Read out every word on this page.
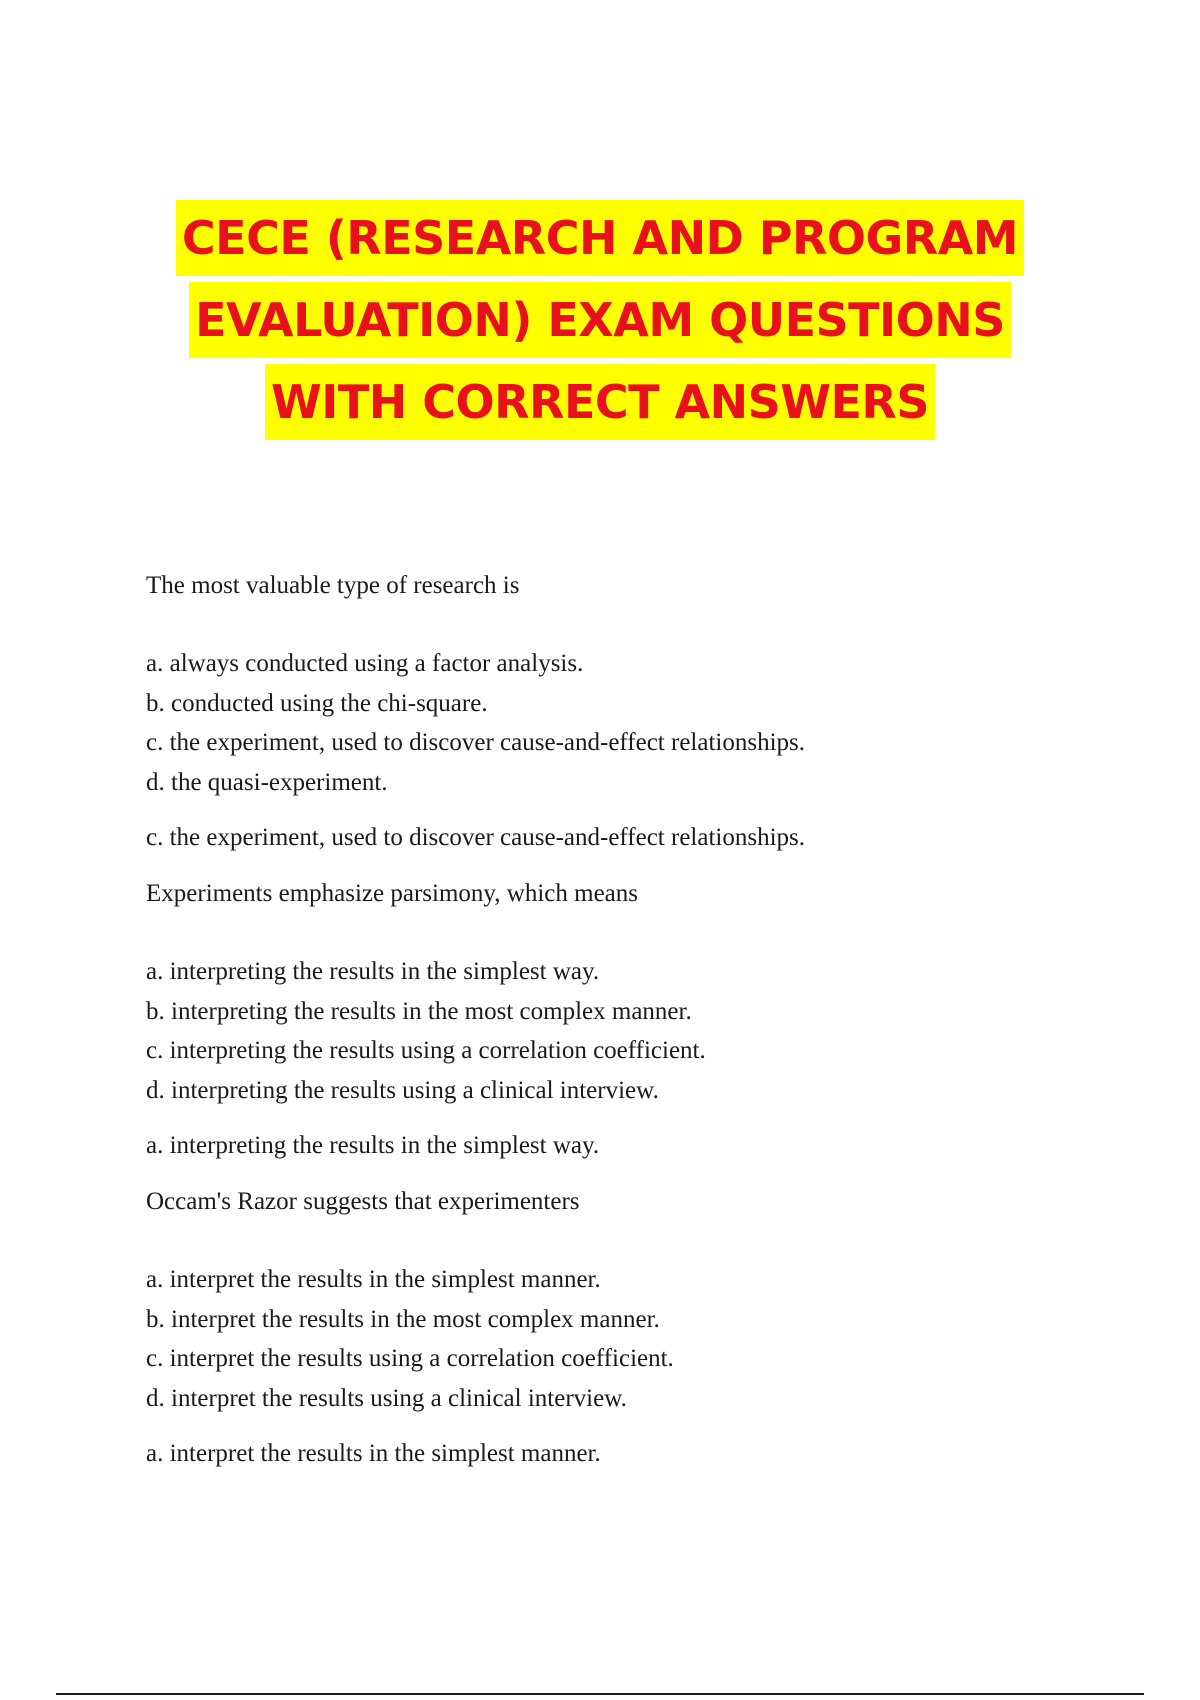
CECE (RESEARCH AND PROGRAM
EVALUATION) EXAM QUESTIONS
WITH CORRECT ANSWERS

The most valuable type of research is

a. always conducted using a factor analysis.
b. conducted using the chi-square.
c. the experiment, used to discover cause-and-effect relationships.
d. the quasi-experiment.

c. the experiment, used to discover cause-and-effect relationships.

Experiments emphasize parsimony, which means

a. interpreting the results in the simplest way.
b. interpreting the results in the most complex manner.
c. interpreting the results using a correlation coefficient.
d. interpreting the results using a clinical interview.

a. interpreting the results in the simplest way.

Occam's Razor suggests that experimenters

a. interpret the results in the simplest manner.
b. interpret the results in the most complex manner.
c. interpret the results using a correlation coefficient.
d. interpret the results using a clinical interview.

a. interpret the results in the simplest manner.
